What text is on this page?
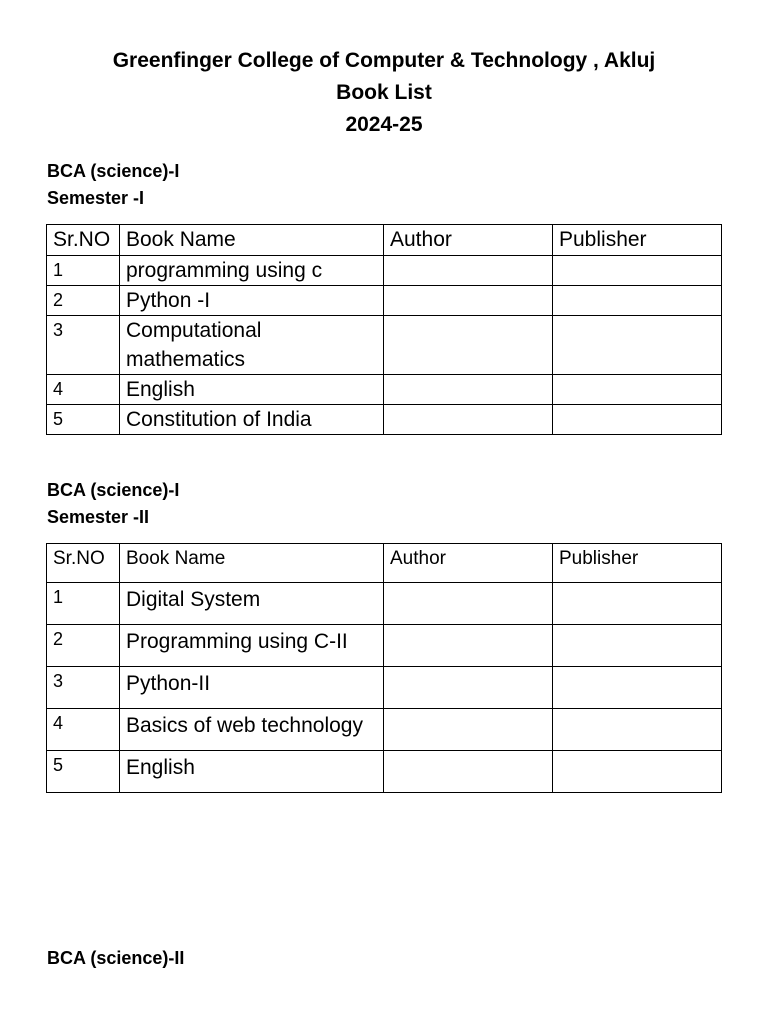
Greenfinger College of Computer & Technology , Akluj

Book List

2024-25

BCA (science)-I

Semester -I

Sr.NO	Book Name	Author	Publisher
1	programming using c		
2	Python -I		
3	Computational mathematics		
4	English		
5	Constitution of India		

BCA (science)-I

Semester -II

Sr.NO	Book Name	Author	Publisher
1	Digital System		
2	Programming using C-II		
3	Python-II		
4	Basics of web technology		
5	English		

BCA (science)-II
